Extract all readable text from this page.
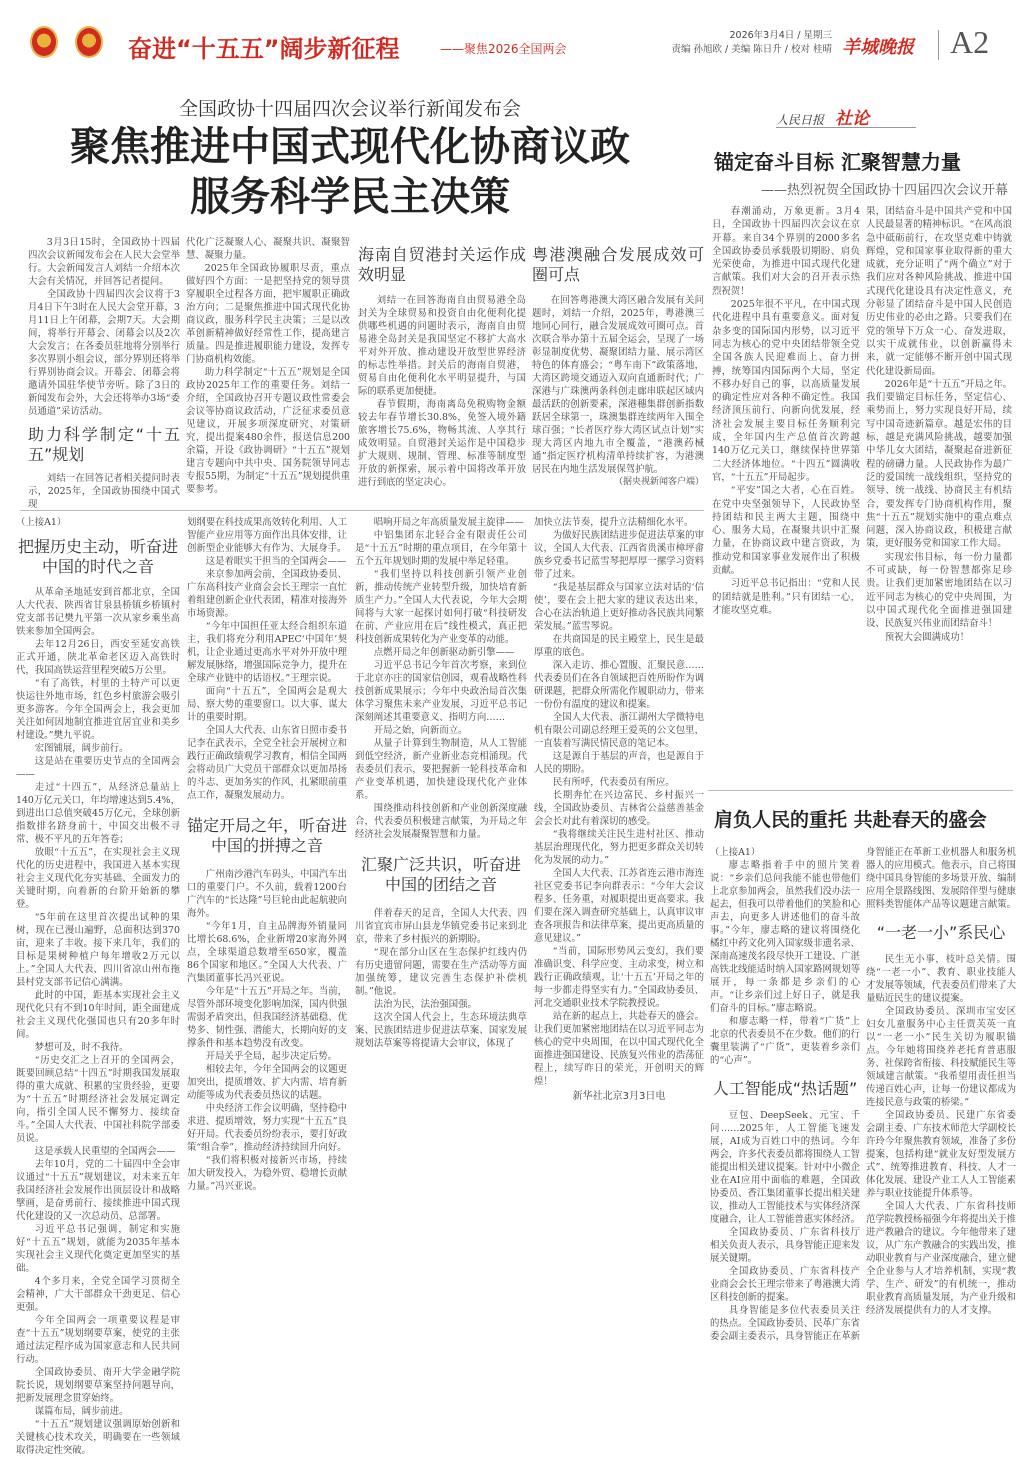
奋进“十五五”阔步新征程	——聚焦2026全国两会
2026年3月4日 / 星期三
责编 孙旭欧 / 美编 陈日升 / 校对 桂晴 羊城晚报 A2
全国政协十四届四次会议举行新闻发布会
聚焦推进中国式现代化协商议政
服务科学民主决策

3月3日15时，全国政协十四届四次会议新闻发布会在人民大会堂举行。大会新闻发言人刘结一介绍本次大会有关情况，并回答记者提问。

全国政协十四届四次会议将于3月4日下午3时在人民大会堂开幕，3月11日上午闭幕，会期7天。大会期间，将举行开幕会、闭幕会以及2次大会发言；在各委员驻地将分别举行多次界别小组会议，部分界别还将举行界别协商会议。开幕会、闭幕会将邀请外国驻华使节旁听。除了3日的新闻发布会外，大会还将举办3场“委员通道”采访活动。

助力科学制定“十五五”规划

刘结一在回答记者相关提问时表示，2025年，全国政协围绕中国式现

代化广泛凝聚人心、凝聚共识、凝聚智慧、凝聚力量。

2025年全国政协履职尽责，重点做好四个方面：一是把坚持党的领导贯穿履职全过程各方面，把牢履职正确政治方向；二是聚焦推进中国式现代化协商议政，服务科学民主决策；三是以改革创新精神做好经常性工作，提高建言质量。四是推进履职能力建设，发挥专门协商机构效能。

助力科学制定“十五五”规划是全国政协2025年工作的重要任务。刘结一介绍，全国政协召开专题议政性常委会会议等协商议政活动，广泛征求委员意见建议，开展多项深度研究、对策研究，提出提案480余件，报送信息200余篇，开设《政协调研》“十五五”规划建言专题向中共中央、国务院领导同志专报55期，为制定“十五五”规划提供重要参考。

海南自贸港封关运作成效明显

刘结一在回答海南自由贸易港全岛封关为全球贸易和投资自由化便利化提供哪些机遇的问题时表示，海南自由贸易港全岛封关是我国坚定不移扩大高水平对外开放、推动建设开放型世界经济的标志性举措。封关后的海南自贸港，贸易自由化便利化水平明显提升，与国际的联系更加便捷。

春节假期，海南离岛免税购物金额较去年春节增长30.8%，免签入境外籍旅客增长75.6%，物畅其流、人享其行成效明显。自贸港封关运作是中国稳步扩大规则、规制、管理、标准等制度型开放的新探索，展示着中国将改革开放进行到底的坚定决心。

粤港澳融合发展成效可圈可点

在回答粤港澳大湾区融合发展有关问题时，刘结一介绍，2025年，粤港澳三地同心同行，融合发展成效可圈可点。首次联合举办第十五届全运会，呈现了一场彰显制度优势、凝聚团结力量、展示湾区特色的体育盛会；“粤车南下”政策落地，大湾区跨境交通迈入双向直通新时代；广深港与广珠澳两条科创走廊串联起区域内最活跃的创新要素，深港穗集群创新指数跃居全球第一，珠澳集群连续两年入围全球百强；“长者医疗券大湾区试点计划”实现大湾区内地九市全覆盖，“港澳药械通”指定医疗机构清单持续扩容，为港澳居民在内地生活发展保驾护航。

（据央视新闻客户端）
人民日报 社论
锚定奋斗目标 汇聚智慧力量
——热烈祝贺全国政协十四届四次会议开幕

春潮涌动，万象更新。3月4日，全国政协十四届四次会议在京开幕。来自34个界别的2000多名全国政协委员承载殷切期盼、肩负光荣使命，为推进中国式现代化建言献策。我们对大会的召开表示热烈祝贺！

2025年很不平凡，在中国式现代化进程中具有重要意义。面对复杂多变的国际国内形势，以习近平同志为核心的党中央团结带领全党全国各族人民迎难而上、奋力拼搏，统筹国内国际两个大局，坚定不移办好自己的事，以高质量发展的确定性应对各种不确定性。我国经济顶压前行、向新向优发展，经济社会发展主要目标任务顺利完成，全年国内生产总值首次跨越140万亿元关口，继续保持世界第二大经济体地位。“十四五”圆满收官，“十五五”开局起步。

“平安”国之大者，心在百姓。在党中央坚强领导下，人民政协坚持团结和民主两大主题，围绕中心、服务大局，在凝聚共识中汇聚力量，在协商议政中建言资政，为推动党和国家事业发展作出了积极贡献。

习近平总书记指出：“党和人民的团结就是胜利。”只有团结一心，才能攻坚克难。

果，团结奋斗是中国共产党和中国人民最显著的精神标识。“在风高浪急中砥砺前行，在攻坚克难中铸就辉煌，党和国家事业取得新的重大成就，充分证明了“两个确立”对于我们应对各种风险挑战、推进中国式现代化建设具有决定性意义，充分彰显了团结奋斗是中国人民创造历史伟业的必由之路。只要我们在党的领导下万众一心、奋发进取，以实干成就伟业，以创新赢得未来，就一定能够不断开创中国式现代化建设新局面。

2026年是“十五五”开局之年。我们要锚定目标任务，坚定信心、乘势而上，努力实现良好开局，续写中国奇迹新篇章。越是宏伟的目标，越是充满风险挑战，越要加强中华儿女大团结，凝聚起奋进新征程的磅礴力量。人民政协作为最广泛的爱国统一战线组织，坚持党的领导、统一战线、协商民主有机结合，要发挥专门协商机构作用，聚焦“十五五”规划实施中的重点难点问题，深入协商议政，积极建言献策，更好服务党和国家工作大局。

实现宏伟目标，每一份力量都不可或缺，每一份智慧都弥足珍贵。让我们更加紧密地团结在以习近平同志为核心的党中央周围，为以中国式现代化全面推进强国建设、民族复兴伟业而团结奋斗！

预祝大会圆满成功！

（上接A1）

把握历史主动，听奋进中国的时代之音

从革命圣地延安到首都北京，全国人大代表、陕西省甘泉县桥镇乡桥镇村党支部书记樊九平第一次从家乡乘坐高铁来参加全国两会。

去年12月26日，西安至延安高铁正式开通，陕北革命老区迈入高铁时代，我国高铁运营里程突破5万公里。

“有了高铁，村里的土特产可以更快运往外地市场，红色乡村旅游会吸引更多游客。今年全国两会上，我会更加关注如何因地制宜推进宜居宜业和美乡村建设。”樊九平说。

宏图铺展，阔步前行。

这是站在重要历史节点的全国两会——

走过“十四五”，从经济总量站上140万亿元关口，年均增速达到5.4%，到进出口总值突破45万亿元，全球创新指数排名跻身前十，中国交出极不寻常、极不平凡的五年答卷；

放眼“十五五”，在实现社会主义现代化的历史进程中，我国进入基本实现社会主义现代化夯实基础、全面发力的关键时期，向着新的台阶开始新的攀登。

“5年前在这里首次提出试种的果树，现在已漫山遍野，总面积达到370亩，迎来了丰收。接下来几年，我们的目标是果树种植户每年增收2万元以上。”全国人大代表、四川省凉山州布拖县村党支部书记信心满满。

此时的中国，距基本实现社会主义现代化只有不到10年时间，距全面建成社会主义现代化强国也只有20多年时间。

梦想可及，时不我待。

“历史交汇之上召开的全国两会，既要回顾总结“十四五”时期我国发展取得的重大成就、积累的宝贵经验，更要为“十五五”时期经济社会发展定调定向，指引全国人民不懈努力、接续奋斗。”全国人大代表、中国社科院学部委员说。

这是承载人民重望的全国两会——

去年10月，党的二十届四中全会审议通过“十五五”规划建议，对未来五年我国经济社会发展作出顶层设计和战略擘画，是奋勇前行、接续推进中国式现代化建设的又一次总动员、总部署。

习近平总书记强调，制定和实施好“十五五”规划，就能为2035年基本实现社会主义现代化奠定更加坚实的基础。

4个多月来，全党全国学习贯彻全会精神，广大干部群众干劲更足、信心更强。

今年全国两会一项重要议程是审查“十五五”规划纲要草案，使党的主张通过法定程序成为国家意志和人民共同行动。

全国政协委员、南开大学金融学院院长说，规划纲要草案坚持问题导向，把新发展理念贯穿始终。

谋篇布局，阔步前进。

“十五五”规划建议强调原始创新和关键核心技术攻关，明确要在一些领域取得决定性突破。

划纲要在科技成果高效转化利用、人工智能产业应用等方面作出具体安排，让创新型企业能够大有作为、大展身手。

这是着眼实干担当的全国两会——

来京参加两会前，全国政协委员、广东高科技产业商会会长王理宗一直忙着组建创新企业代表团，精准对接海外市场资源。

“今年中国担任亚太经合组织东道主，我们将充分利用APEC‘中国年’契机，让企业通过更高水平对外开放中理解发展脉络，增强国际竞争力，提升在全球产业链中的话语权。”王理宗说。

面向“十五五”，全国两会是观大局、察大势的重要窗口。以大事、谋大计的重要时期。

全国人大代表、山东省日照市委书记李在武表示，全党全社会开展树立和践行正确政绩观学习教育，相信全国两会将动员广大党员干部群众以更加昂扬的斗志、更加务实的作风，扎紧眼前重点工作，凝聚发展动力。

锚定开局之年，听奋进中国的拼搏之音

广州南沙港汽车码头，中国汽车出口的重要门户。不久前，载着1200台广汽车的“长达隆”号巨轮由此起航驶向海外。

“今年1月，自主品牌海外销量同比增长68.6%，企业新增20家海外网点，全球渠道总数增至650家，覆盖86个国家和地区。”全国人大代表、广汽集团董事长冯兴亚说。

今年是“十五五”开局之年。当前，尽管外部环境变化影响加深，国内供强需弱矛盾突出，但我国经济基础稳、优势多、韧性强、潜能大，长期向好的支撑条件和基本趋势没有改变。

开局关乎全局，起步决定后势。

相较去年，今年全国两会的议题更加突出，提质增效、扩大内需、培育新动能等成为代表委员热议的话题。

中央经济工作会议明确，坚持稳中求进、提质增效，努力实现“十五五”良好开局。代表委员纷纷表示，要打好政策“组合拳”，推动经济持续回升向好。

“我们将积极对接新兴市场，持续加大研发投入，为稳外贸、稳增长贡献力量。”冯兴亚说。

唱响开局之年高质量发展主旋律——

中铝集团东北轻合金有限责任公司是“十五五”时期的重点项目，在今年第十五个五年规划时期的发展中举足轻重。

“我们坚持以科技创新引领产业创新，推动传统产业转型升级，加快培育新质生产力。”全国人大代表说，今年大会期间将与大家一起探讨如何打破“科技研发在前、产业应用在后”线性模式，真正把科技创新成果转化为产业变革的动能。

点燃开局之年创新驱动新引擎——

习近平总书记今年首次考察，来到位于北京亦庄的国家信创园，观看战略性科技创新成果展示；今年中央政治局首次集体学习聚焦未来产业发展，习近平总书记深刻阐述其重要意义、指明方向……

开局之始，向新而立。

从量子计算到生物制造，从人工智能到低空经济，新产业新业态竞相涌现。代表委员们表示，要把握新一轮科技革命和产业变革机遇，加快建设现代化产业体系。

围绕推动科技创新和产业创新深度融合，代表委员积极建言献策，为开局之年经济社会发展凝聚智慧和力量。

汇聚广泛共识，听奋进中国的团结之音

伴着春天的足音，全国人大代表、四川省宜宾市屏山县龙华镇党委书记来到北京，带来了乡村振兴的新期盼。

“现在部分山区在生态保护红线内仍有历史遗留问题，需要在生产活动等方面加强统筹，建议完善生态保护补偿机制。”他说。

法治为民，法治强国强。

这次全国人代会上，生态环境法典草案、民族团结进步促进法草案、国家发展规划法草案等将提请大会审议，体现了

加快立法节奏，提升立法精细化水平。

为做好民族团结进步促进法草案的审议，全国人大代表、江西省贵溪市樟坪畲族乡党委书记蓝雪琴把厚厚一摞学习资料带了过来。

“我是基层群众与国家立法对话的‘信使’，要在会上把大家的建议表达出来，合心在法治轨道上更好推动各民族共同繁荣发展。”蓝雪琴说。

在共商国是的民主殿堂上，民生是最厚重的底色。

深入走访、推心置腹、汇聚民意……代表委员们在各自领域把百姓所盼作为调研课题，把群众所需化作履职动力，带来一份份有温度的建议和提案。

全国人大代表、浙江湖州大学微特电机有限公司副总经理王爱英的公文包里，一直装着写满民情民意的笔记本。

这是源自于基层的声音，也是源自于人民的期盼。

民有所呼，代表委员有所应。

长期奔忙在兴边富民、乡村振兴一线，全国政协委员、吉林省公益慈善基金会会长对此有着深切的感受。

“我将继续关注民生进村社区、推动基层治理现代化，努力把更多群众关切转化为发展的动力。”

全国人大代表、江苏省连云港市海连社区党委书记李向群表示：“今年大会议程多、任务重，对履职提出更高要求。我们要在深入调查研究基础上，认真审议审查各项报告和法律草案，提出更高质量的意见建议。”

“当前，国际形势风云变幻，我们要准确识变、科学应变、主动求变，树立和践行正确政绩观，让‘十五五’开局之年的每一步都走得坚实有力。”全国政协委员、河北交通职业技术学院教授说。

站在新的起点上，共赴春天的盛会。让我们更加紧密地团结在以习近平同志为核心的党中央周围，在以中国式现代化全面推进强国建设、民族复兴伟业的浩荡征程上，续写昨日的荣光，开创明天的辉煌！

新华社北京3月3日电
肩负人民的重托 共赴春天的盛会

（上接A1）

廖志略指着手中的照片笑着说：“乡亲们总问我能不能也带他们上北京参加两会，虽然我们没办法一起去，但我可以带着他们的笑脸和心声去，向更多人讲述他们的奋斗故事。”今年，廖志略的建议将围绕化橘红中药文化列入国家级非遗名录、深南高速茂名段尽快开工建设、广湛高铁北线能适时纳入国家路网规划等展开，每一条都是乡亲们的心声。“让乡亲们过上好日子，就是我们奋斗的目标。”廖志略说。

和廖志略一样，带着“广货”上北京的代表委员不在少数。他们的行囊里装满了“广货”，更装着乡亲们的“心声”。

人工智能成“热话题”

豆包、DeepSeek、元宝、千问……2025年，人工智能飞速发展，AI成为百姓口中的热词。今年两会，许多代表委员都将围绕人工智能提出相关建议提案。针对中小微企业在AI应用中面临的难题，全国政协委员、香江集团董事长提出相关建议，推动人工智能技术与实体经济深度融合，让人工智能普惠实体经济。

全国政协委员、广东省科技厅相关负责人表示，具身智能正迎来发展关键期。

全国政协委员、广东省科技产业商会会长王理宗带来了粤港澳大湾区科技创新的提案。

具身智能是多位代表委员关注的热点。全国政协委员、民革广东省委会副主委表示，具身智能正在革新

身智能正在革新工业机器人和服务机器人的应用模式。他表示，自己将围绕中国具身智能的多场景开放、编制应用全景路线图、发展陪伴型与健康照料类智能体产品等议题建言献策。

“一老一小”系民心

民生无小事，枝叶总关情。围绕“一老一小”、教育、职业技能人才发展等领域，代表委员们带来了大量贴近民生的建议提案。

全国政协委员、深圳市宝安区妇女儿童服务中心主任贾芙英一直以“一老一小”民生关切为履职锚点。今年她将围绕养老托育普惠服务、社保跨省衔接、科技赋能民生等领域建言献策。“我希望用责任担当传递百姓心声，让每一份建议都成为连接民意与政策的桥梁。”

全国政协委员、民建广东省委会副主委、广东技术师范大学副校长许玲今年聚焦教育领域，准备了多份提案，包括构建“就业友好型发展方式”、统筹推进教育、科技、人才一体化发展、建设产业工人人工智能素养与职业技能提升体系等。

全国人大代表、广东省科技师范学院教授杨福强今年将提出关于推进产教融合的建议。今年他带来了建议，从广东产教融合的实践出发，推动职业教育与产业深度融合，建立健全企业参与人才培养机制，实现“教学、生产、研发”的有机统一，推动职业教育高质量发展，为产业升级和经济发展提供有力的人才支撑。
